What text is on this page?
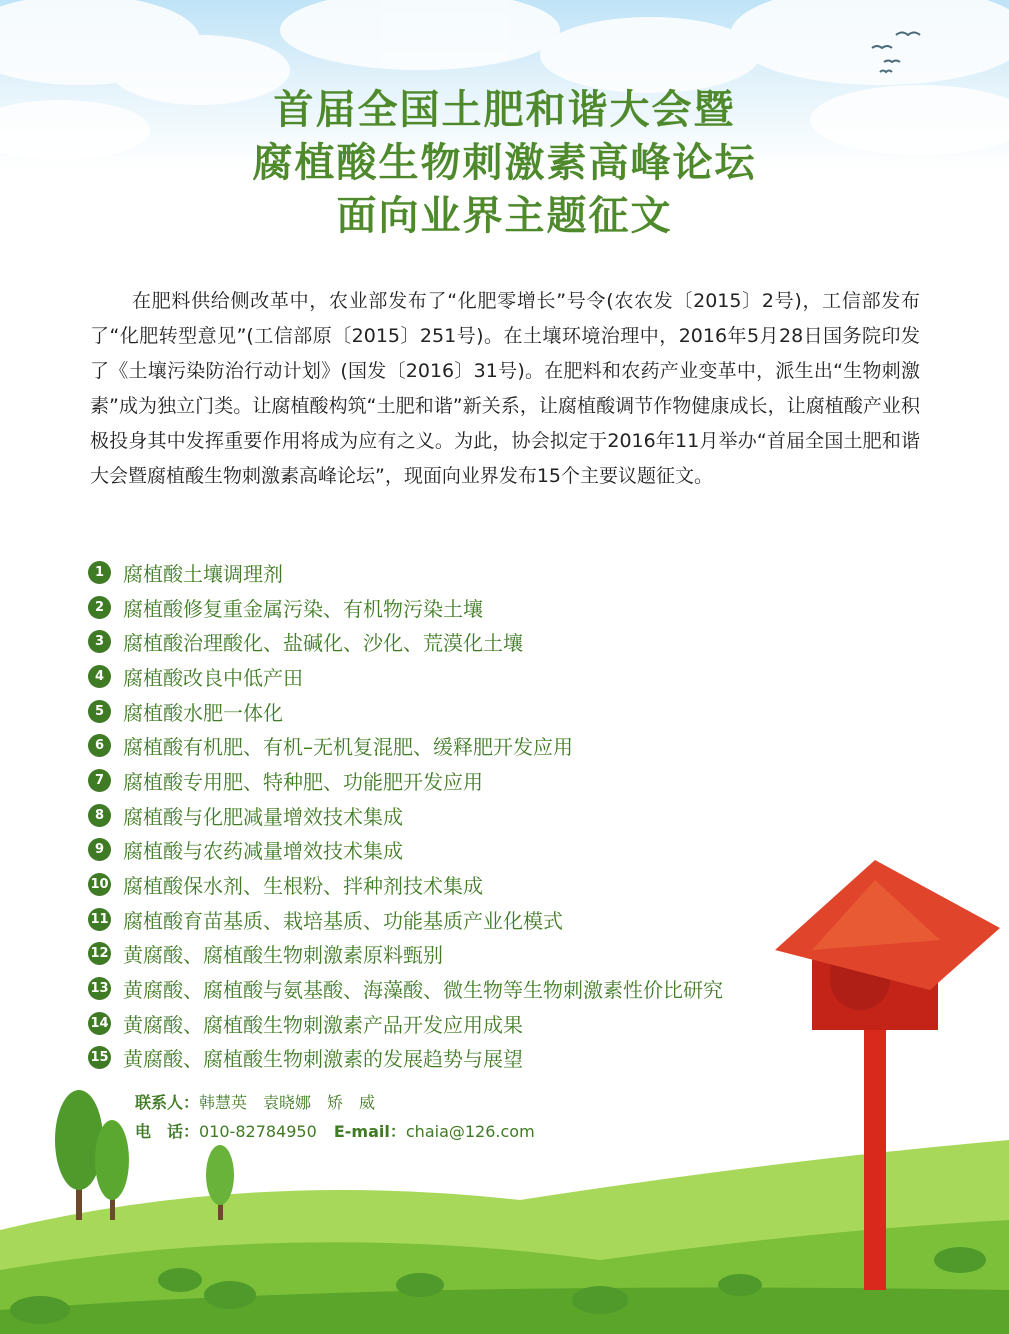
首届全国土肥和谐大会暨
腐植酸生物刺激素高峰论坛
面向业界主题征文
在肥料供给侧改革中，农业部发布了“化肥零增长”号令(农农发〔2015〕2号)，工信部发布了“化肥转型意见”(工信部原〔2015〕251号)。在土壤环境治理中，2016年5月28日国务院印发了《土壤污染防治行动计划》(国发〔2016〕31号)。在肥料和农药产业变革中，派生出“生物刺激素”成为独立门类。让腐植酸构筑“土肥和谐”新关系，让腐植酸调节作物健康成长，让腐植酸产业积极投身其中发挥重要作用将成为应有之义。为此，协会拟定于2016年11月举办“首届全国土肥和谐大会暨腐植酸生物刺激素高峰论坛”，现面向业界发布15个主要议题征文。
1 腐植酸土壤调理剂
2 腐植酸修复重金属污染、有机物污染土壤
3 腐植酸治理酸化、盐碱化、沙化、荒漠化土壤
4 腐植酸改良中低产田
5 腐植酸水肥一体化
6 腐植酸有机肥、有机–无机复混肥、缓释肥开发应用
7 腐植酸专用肥、特种肥、功能肥开发应用
8 腐植酸与化肥减量增效技术集成
9 腐植酸与农药减量增效技术集成
10 腐植酸保水剂、生根粉、拌种剂技术集成
11 腐植酸育苗基质、栽培基质、功能基质产业化模式
12 黄腐酸、腐植酸生物刺激素原料甄别
13 黄腐酸、腐植酸与氨基酸、海藻酸、微生物等生物刺激素性价比研究
14 黄腐酸、腐植酸生物刺激素产品开发应用成果
15 黄腐酸、腐植酸生物刺激素的发展趋势与展望
联系人：韩慧英　袁晓娜　矫　威
电　话：010-82784950 E-mail：chaia@126.com
